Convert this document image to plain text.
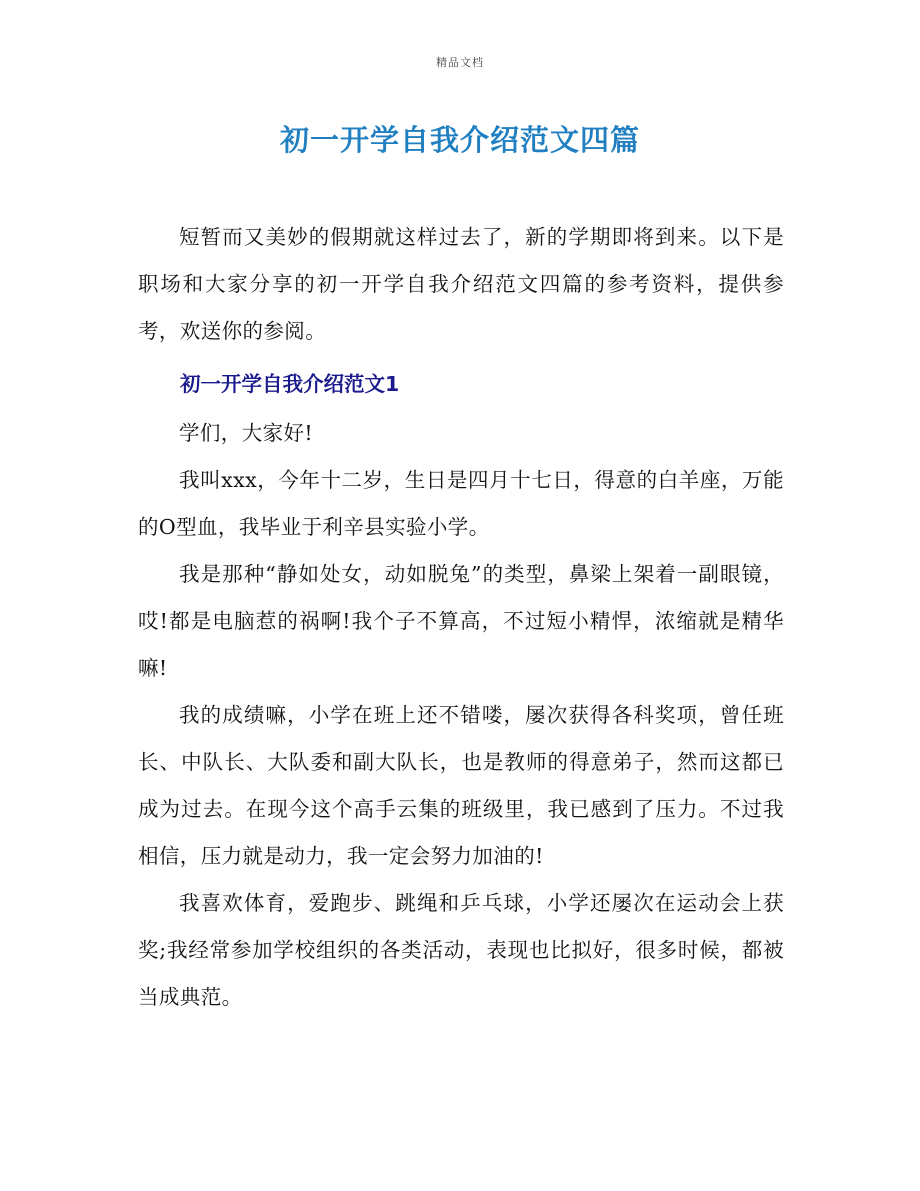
精品文档
初一开学自我介绍范文四篇

短暂而又美妙的假期就这样过去了，新的学期即将到来。以下是职场和大家分享的初一开学自我介绍范文四篇的参考资料，提供参考，欢送你的参阅。

初一开学自我介绍范文1

学们，大家好!

我叫xxx，今年十二岁，生日是四月十七日，得意的白羊座，万能的O型血，我毕业于利辛县实验小学。

我是那种“静如处女，动如脱兔”的类型，鼻梁上架着一副眼镜，哎!都是电脑惹的祸啊!我个子不算高，不过短小精悍，浓缩就是精华嘛!

我的成绩嘛，小学在班上还不错喽，屡次获得各科奖项，曾任班长、中队长、大队委和副大队长，也是教师的得意弟子，然而这都已成为过去。在现今这个高手云集的班级里，我已感到了压力。不过我相信，压力就是动力，我一定会努力加油的!

我喜欢体育，爱跑步、跳绳和乒乓球，小学还屡次在运动会上获奖;我经常参加学校组织的各类活动，表现也比拟好，很多时候，都被当成典范。
